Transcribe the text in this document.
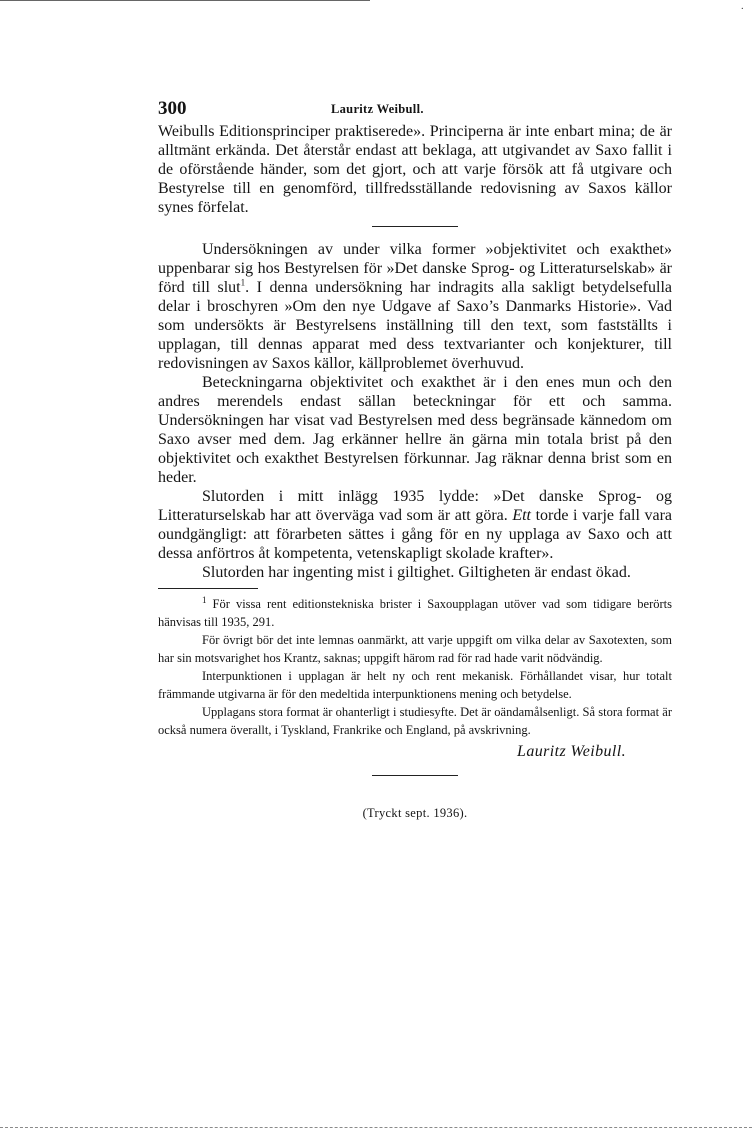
·
300	Lauritz Weibull.

Weibulls Editionsprinciper praktiserede». Principerna är inte enbart mina; de är alltmänt erkända. Det återstår endast att beklaga, att utgivandet av Saxo fallit i de oförstående händer, som det gjort, och att varje försök att få utgivare och Bestyrelse till en genomförd, tillfredsställande redovisning av Saxos källor synes förfelat.

Undersökningen av under vilka former »objektivitet och exakthet» uppenbarar sig hos Bestyrelsen för »Det danske Sprog- og Litteraturselskab» är förd till slut$^1$. I denna undersökning har indragits alla sakligt betydelsefulla delar i broschyren »Om den nye Udgave af Saxo’s Danmarks Historie». Vad som undersökts är Bestyrelsens inställning till den text, som fastställts i upplagan, till dennas apparat med dess textvarianter och konjekturer, till redovisningen av Saxos källor, källproblemet överhuvud.

Beteckningarna objektivitet och exakthet är i den enes mun och den andres merendels endast sällan beteckningar för ett och samma. Undersökningen har visat vad Bestyrelsen med dess begränsade kännedom om Saxo avser med dem. Jag erkänner hellre än gärna min totala brist på den objektivitet och exakthet Bestyrelsen förkunnar. Jag räknar denna brist som en heder.

Slutorden i mitt inlägg 1935 lydde: »Det danske Sprog- og Litteraturselskab har att överväga vad som är att göra. Ett torde i varje fall vara oundgängligt: att förarbeten sättes i gång för en ny upplaga av Saxo och att dessa anförtros åt kompetenta, vetenskapligt skolade krafter».

Slutorden har ingenting mist i giltighet. Giltigheten är endast ökad.

$^1$ För vissa rent editionstekniska brister i Saxoupplagan utöver vad som tidigare berörts hänvisas till 1935, 291.

För övrigt bör det inte lemnas oanmärkt, att varje uppgift om vilka delar av Saxotexten, som har sin motsvarighet hos Krantz, saknas; uppgift härom rad för rad hade varit nödvändig.

Interpunktionen i upplagan är helt ny och rent mekanisk. Förhållandet visar, hur totalt främmande utgivarna är för den medeltida interpunktionens mening och betydelse.

Upplagans stora format är ohanterligt i studiesyfte. Det är oändamålsenligt. Så stora format är också numera överallt, i Tyskland, Frankrike och England, på avskrivning.

Lauritz Weibull.
(Tryckt sept. 1936).
